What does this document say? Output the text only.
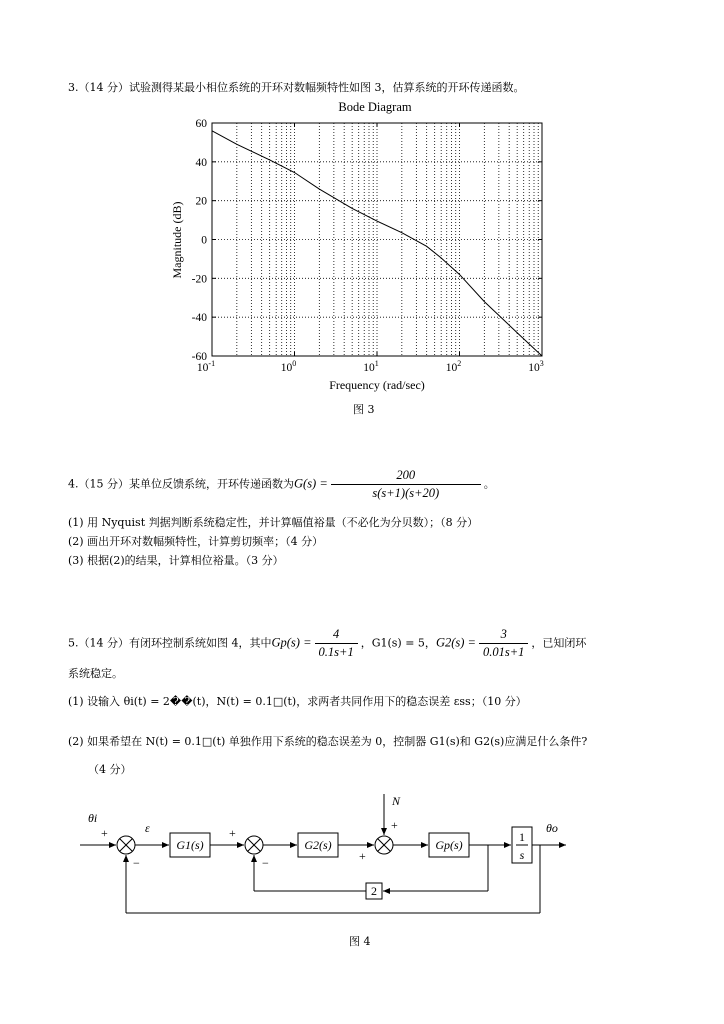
3.（14 分）试验测得某最小相位系统的开环对数幅频特性如图 3，估算系统的开环传递函数。
Bode Diagram
60
40
20
0
-20
-40
-60
$10^{-1}$	$10^0$	$10^1$	$10^2$	$10^3$
Magnitude (dB)
Frequency (rad/sec)
图 3
4.（15 分）某单位反馈系统，开环传递函数为$G(s) = \frac{200}{s(s+1)(s+20)}$ 。
(1) 用 Nyquist 判据判断系统稳定性，并计算幅值裕量（不必化为分贝数）；（8 分）
(2) 画出开环对数幅频特性，计算剪切频率；（4 分）
(3) 根据(2)的结果，计算相位裕量。（3 分）
5.（14 分）有闭环控制系统如图 4，其中$Gp(s) = \frac{4}{0.1s+1}$ ，G1(s) = 5，$G2(s) = \frac{3}{0.01s+1}$ ，已知闭环
系统稳定。
(1) 设输入 θi(t) = 2��(t)，N(t) = 0.1□(t)，求两者共同作用下的稳态误差 εss；（10 分）
(2) 如果希望在 N(t) = 0.1□(t) 单独作用下系统的稳态误差为 0，控制器 G1(s)和 G2(s)应满足什么条件?
（4 分）
θi
ε
N
θo
G1(s)	G2(s)	Gp(s)
1
s
2
+
−
+
−
+
+
图 4
